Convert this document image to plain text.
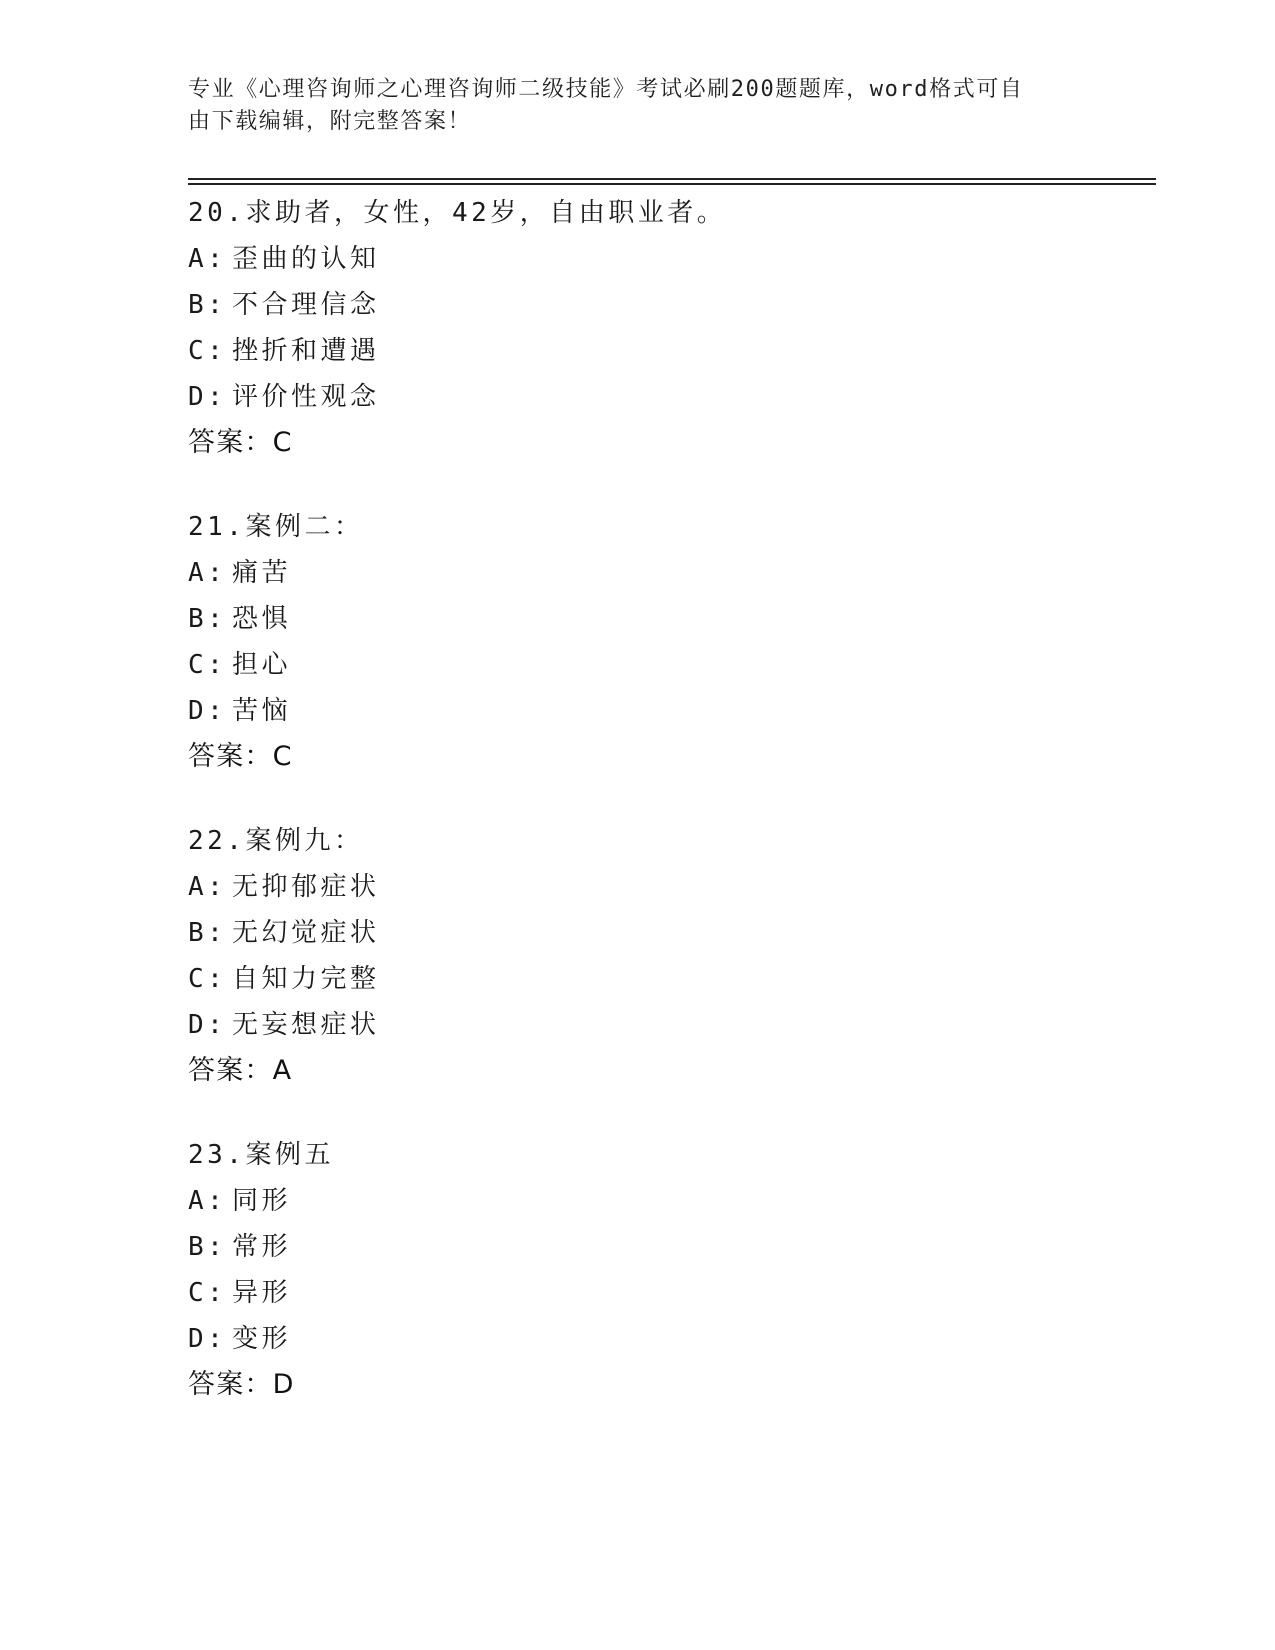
专业《心理咨询师之心理咨询师二级技能》考试必刷200题题库，word格式可自
由下载编辑，附完整答案！
20.求助者，女性，42岁，自由职业者。
A: 歪曲的认知
B: 不合理信念
C: 挫折和遭遇
D: 评价性观念
答案：C
21.案例二：
A: 痛苦
B: 恐惧
C: 担心
D: 苦恼
答案：C
22.案例九：
A: 无抑郁症状
B: 无幻觉症状
C: 自知力完整
D: 无妄想症状
答案：A
23.案例五
A: 同形
B: 常形
C: 异形
D: 变形
答案：D
